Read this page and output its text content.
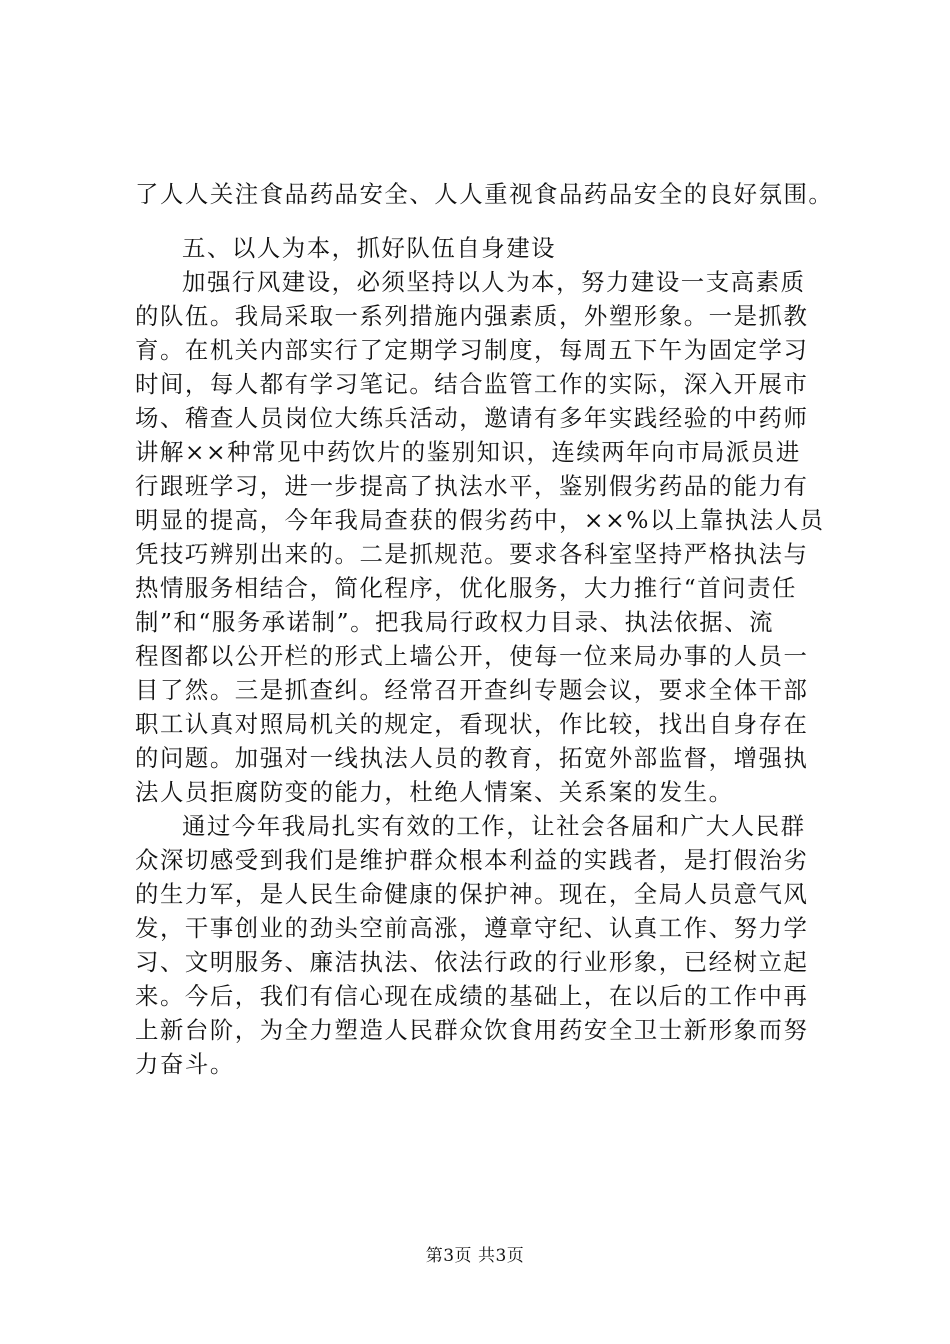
了人人关注食品药品安全、人人重视食品药品安全的良好氛围。
五、以人为本，抓好队伍自身建设
加强行风建设，必须坚持以人为本，努力建设一支高素质
的队伍。我局采取一系列措施内强素质，外塑形象。一是抓教
育。在机关内部实行了定期学习制度，每周五下午为固定学习
时间，每人都有学习笔记。结合监管工作的实际，深入开展市
场、稽查人员岗位大练兵活动，邀请有多年实践经验的中药师
讲解××种常见中药饮片的鉴别知识，连续两年向市局派员进
行跟班学习，进一步提高了执法水平，鉴别假劣药品的能力有
明显的提高，今年我局查获的假劣药中，××%以上靠执法人员
凭技巧辨别出来的。二是抓规范。要求各科室坚持严格执法与
热情服务相结合，简化程序，优化服务，大力推行“首问责任
制”和“服务承诺制”。把我局行政权力目录、执法依据、流
程图都以公开栏的形式上墙公开，使每一位来局办事的人员一
目了然。三是抓查纠。经常召开查纠专题会议，要求全体干部
职工认真对照局机关的规定，看现状，作比较，找出自身存在
的问题。加强对一线执法人员的教育，拓宽外部监督，增强执
法人员拒腐防变的能力，杜绝人情案、关系案的发生。
通过今年我局扎实有效的工作，让社会各届和广大人民群
众深切感受到我们是维护群众根本利益的实践者，是打假治劣
的生力军，是人民生命健康的保护神。现在，全局人员意气风
发，干事创业的劲头空前高涨，遵章守纪、认真工作、努力学
习、文明服务、廉洁执法、依法行政的行业形象，已经树立起
来。今后，我们有信心现在成绩的基础上，在以后的工作中再
上新台阶，为全力塑造人民群众饮食用药安全卫士新形象而努
力奋斗。
第3页 共3页
